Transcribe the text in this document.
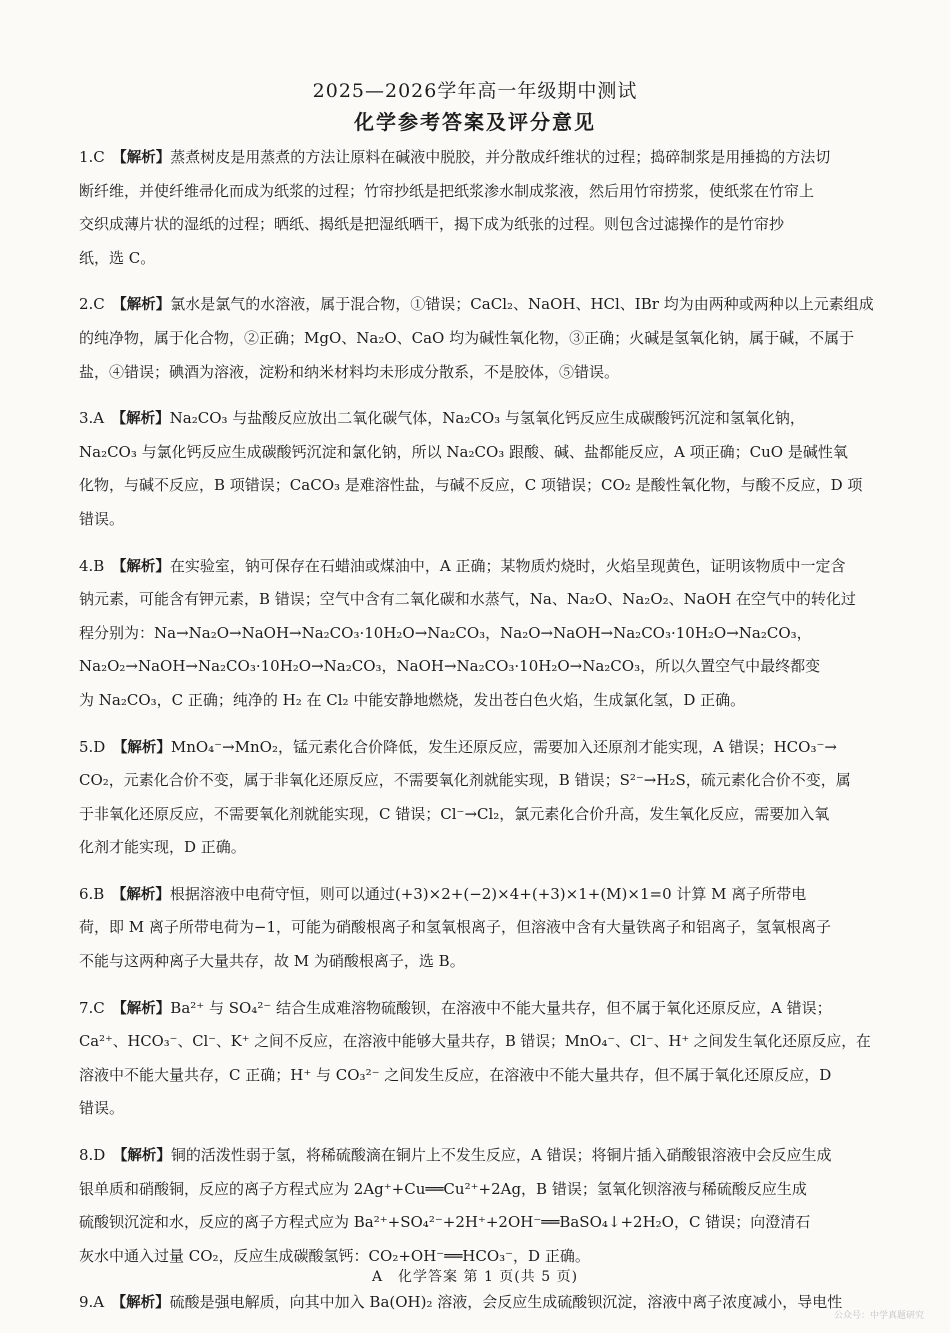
2025—2026学年高一年级期中测试
化学参考答案及评分意见
1.C  【解析】蒸煮树皮是用蒸煮的方法让原料在碱液中脱胶，并分散成纤维状的过程；捣碎制浆是用捶捣的方法切
断纤维，并使纤维帚化而成为纸浆的过程；竹帘抄纸是把纸浆渗水制成浆液，然后用竹帘捞浆，使纸浆在竹帘上
交织成薄片状的湿纸的过程；晒纸、揭纸是把湿纸晒干，揭下成为纸张的过程。则包含过滤操作的是竹帘抄
纸，选 C。
2.C  【解析】氯水是氯气的水溶液，属于混合物，①错误；CaCl₂、NaOH、HCl、IBr 均为由两种或两种以上元素组成
的纯净物，属于化合物，②正确；MgO、Na₂O、CaO 均为碱性氧化物，③正确；火碱是氢氧化钠，属于碱，不属于
盐，④错误；碘酒为溶液，淀粉和纳米材料均未形成分散系，不是胶体，⑤错误。
3.A  【解析】Na₂CO₃ 与盐酸反应放出二氧化碳气体，Na₂CO₃ 与氢氧化钙反应生成碳酸钙沉淀和氢氧化钠，
Na₂CO₃ 与氯化钙反应生成碳酸钙沉淀和氯化钠，所以 Na₂CO₃ 跟酸、碱、盐都能反应，A 项正确；CuO 是碱性氧
化物，与碱不反应，B 项错误；CaCO₃ 是难溶性盐，与碱不反应，C 项错误；CO₂ 是酸性氧化物，与酸不反应，D 项
错误。
4.B  【解析】在实验室，钠可保存在石蜡油或煤油中，A 正确；某物质灼烧时，火焰呈现黄色，证明该物质中一定含
钠元素，可能含有钾元素，B 错误；空气中含有二氧化碳和水蒸气，Na、Na₂O、Na₂O₂、NaOH 在空气中的转化过
程分别为：Na→Na₂O→NaOH→Na₂CO₃·10H₂O→Na₂CO₃，Na₂O→NaOH→Na₂CO₃·10H₂O→Na₂CO₃，
Na₂O₂→NaOH→Na₂CO₃·10H₂O→Na₂CO₃，NaOH→Na₂CO₃·10H₂O→Na₂CO₃，所以久置空气中最终都变
为 Na₂CO₃，C 正确；纯净的 H₂ 在 Cl₂ 中能安静地燃烧，发出苍白色火焰，生成氯化氢，D 正确。
5.D  【解析】MnO₄⁻→MnO₂，锰元素化合价降低，发生还原反应，需要加入还原剂才能实现，A 错误；HCO₃⁻→
CO₂，元素化合价不变，属于非氧化还原反应，不需要氧化剂就能实现，B 错误；S²⁻→H₂S，硫元素化合价不变，属
于非氧化还原反应，不需要氧化剂就能实现，C 错误；Cl⁻→Cl₂，氯元素化合价升高，发生氧化反应，需要加入氧
化剂才能实现，D 正确。
6.B  【解析】根据溶液中电荷守恒，则可以通过(+3)×2+(−2)×4+(+3)×1+(M)×1=0 计算 M 离子所带电
荷，即 M 离子所带电荷为−1，可能为硝酸根离子和氢氧根离子，但溶液中含有大量铁离子和铝离子，氢氧根离子
不能与这两种离子大量共存，故 M 为硝酸根离子，选 B。
7.C  【解析】Ba²⁺ 与 SO₄²⁻ 结合生成难溶物硫酸钡，在溶液中不能大量共存，但不属于氧化还原反应，A 错误；
Ca²⁺、HCO₃⁻、Cl⁻、K⁺ 之间不反应，在溶液中能够大量共存，B 错误；MnO₄⁻、Cl⁻、H⁺ 之间发生氧化还原反应，在
溶液中不能大量共存，C 正确；H⁺ 与 CO₃²⁻ 之间发生反应，在溶液中不能大量共存，但不属于氧化还原反应，D
错误。
8.D  【解析】铜的活泼性弱于氢，将稀硫酸滴在铜片上不发生反应，A 错误；将铜片插入硝酸银溶液中会反应生成
银单质和硝酸铜，反应的离子方程式应为 2Ag⁺+Cu══Cu²⁺+2Ag，B 错误；氢氧化钡溶液与稀硫酸反应生成
硫酸钡沉淀和水，反应的离子方程式应为 Ba²⁺+SO₄²⁻+2H⁺+2OH⁻══BaSO₄↓+2H₂O，C 错误；向澄清石
灰水中通入过量 CO₂，反应生成碳酸氢钙：CO₂+OH⁻══HCO₃⁻，D 正确。
9.A  【解析】硫酸是强电解质，向其中加入 Ba(OH)₂ 溶液，会反应生成硫酸钡沉淀，溶液中离子浓度减小，导电性
A　化学答案 第 1 页(共 5 页)
公众号：中学真题研究
